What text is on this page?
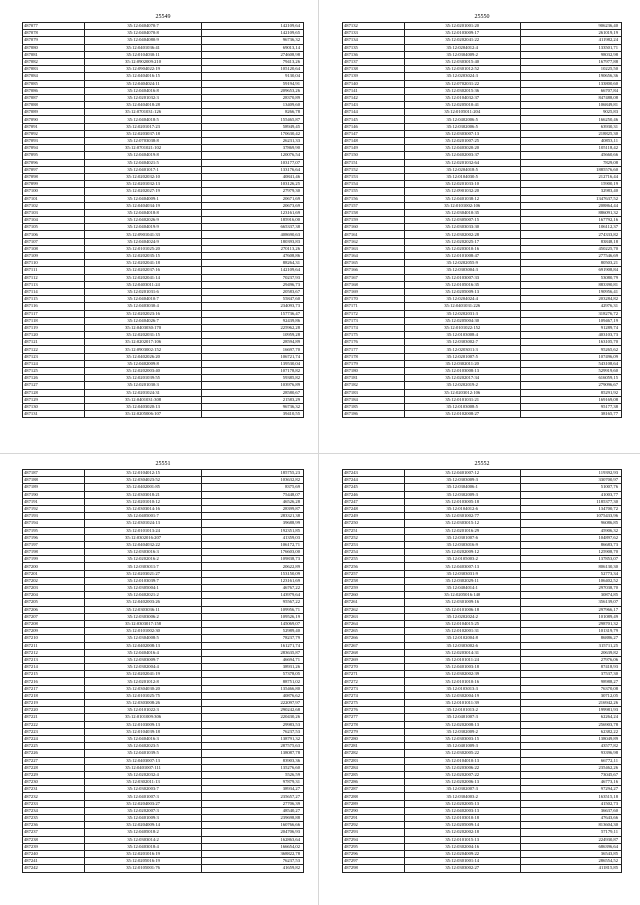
25549
487077	35:12:0404070:7	142109,64
487078	35:12:0404070:8	142109,65
487079	35:12:0404080:9	96736,32
487080	35:12:0401036:41	69013,14
487081	35:12:0104030:11	274608,98
487082	35:12:0902009:210	79413,26
487083	35:12:0904022:19	105120,64
487084	35:12:0404016:15	9130,04
487085	35:12:0404024:11	59194,91
487086	35:12:0404016:8	209653,26
487087	35:12:0201032:3	28370,89
487088	35:12:0404018:28	13409,60
487089	35:12:0701031:126	8266,78
487090	35:12:0404018:5	155465,87
487091	35:12:0201017:23	58949,45
487092	35:12:0203037:18	170630,42
487093	35:12:0703038:8	26231,33
487094	35:12:0701021:102	37869,90
487095	35:12:0404019:8	120076,54
487096	35:12:0404021:5	103177,07
487097	35:12:0401017:1	133176,64
487098	35:12:0202032:10	40841,46
487099	35:12:0201032:13	103126,25
487100	35:12:0202027:19	27979,30
487101	35:12:0404009:1	20671,69
487102	35:12:0404034:19	20673,69
487103	35:12:0404018:8	123161,69
487104	35:12:0402026:9	185916,00
487105	35:12:0404019:9	665337,38
487106	35:12:0901041:33	408690,63
487107	35:12:0404024:9	180393,83
487108	35:12:0101025:20	270113,26
487109	35:12:0202035:15	47608,86
487110	35:12:0202041:18	88264,31
487111	35:12:0202037:16	142109,64
487112	35:12:0202041:14	70237,93
487113	35:12:0403011:24	29496,73
487114	35:12:0201031:6	20583,67
487115	35:12:0404010:7	55847,60
487116	35:12:0403030:4	234093,73
487117	35:12:0202023:16	157736,47
487118	35:12:0404026:7	92439,86
487119	35:12:0403030:170	225962,28
487120	35:12:0202031:15	10959,28
487121	35:12:0202017:106	28594,89
487122	35:12:0903002:152	16697,70
487123	35:12:0402026:20	106721,74
487124	35:12:0402009:8	139530,04
487125	35:12:0202003:40	107178,82
487126	35:12:0201039:55	59385,82
487127	35:12:0201030:3	103976,89
487128	35:12:0201024:31	28580,67
487129	35:12:0401031:308	21583,29
487130	35:12:0403020:13	96736,32
487131	35:12:0205006:107	39410,55
25550
487132	35:12:0201001:20	906236,40
487133	35:12:0103009:17	261019,19
487134	35:12:0202041:22	411982,24
487135	35:12:0204012:4	133501,71
487136	35:12:0304009:2	98032,98
487137	35:12:0303015:40	167977,88
487138	35:12:0301012:52	10225,50
487139	35:12:0203024:3	190656,36
487140	35:12:0702031:22	133800,60
487141	35:12:0302015:36	66707,84
487142	35:12:0104032:37	847488,08
487143	35:12:0205010:41	106849,81
487144	35:12:0105011:204	9025,83
487145	35:12:0402006:5	166250,46
487146	35:12:0302006:5	63930,31
487147	35:12:0303007:13	218825,30
487148	35:12:0201007:25	40853,11
487149	35:12:0403020:20	105118,42
487150	35:12:0402003:37	45660,66
487151	35:12:0201032:64	7829,08
487152	35:12:0204018:5	1885576,60
487153	35:12:0104030:5	212716,44
487154	35:12:0201033:10	15900,19
487155	35:12:0901032:20	32983,40
487156	35:12:0401038:12	1347637,52
487157	35:12:0101002:106	208864,44
487158	35:12:0304010:35	886091,32
487159	35:12:0305007:15	167792,16
487160	35:12:0303033:30	106112,37
487161	35:12:0302002:28	274333,82
487162	35:12:0202025:17	83848,18
487163	35:12:0203010:16	450225,70
487164	35:12:0101008:47	277546,69
487165	35:12:0202055:9	80503,21
487166	35:12:0303004:3	691908,84
487167	35:12:0103007:33	53080,79
487168	35:12:0105016:35	883390,81
487169	35:12:0205009:13	190956,41
487170	35:12:0204024:4	203284,82
487171	35:12:0401031:226	42976,31
487172	35:12:0202031:3	318276,72
487173	35:12:0205004:30	109467,19
487174	35:12:0101022:152	91289,74
487175	35:12:0103008:4	403103,73
487176	35:12:0303002:7	163105,70
487177	35:12:0203011:3	95265,62
487178	35:12:0201007:5	107496,09
487179	35:12:0302011:20	543108,64
487180	35:12:0103008:13	529919,60
487181	35:12:0202017:34	616059,15
487182	35:12:0202019:2	279096,67
487183	35:12:0203012:106	85291,92
487184	35:12:0101031:21	169169,08
487185	35:12:0103008:5	95177,38
487186	35:12:0102008:27	38165,77
25551
487187	35:12:0104012:15	185755,23
487188	35:12:0304023:52	103632,82
487189	35:12:0402001:85	8375,69
487190	35:12:0303018:21	75448,07
487191	35:12:0201010:12	46526,28
487192	35:12:0303014:16	28399,87
487193	35:12:0405001:7	283321,38
487194	35:12:0301024:13	39688,99
487195	35:12:0101013:24	192351,85
487196	35:12:0302016:207	41359,03
487197	35:12:0404032:22	106172,71
487198	35:12:0303016:3	176603,00
487199	35:12:0202016:2	109838,73
487200	35:12:0303011:7	20622,89
487201	35:12:0203021:27	153150,09
487202	35:12:0103039:7	123161,69
487203	35:12:0305004:1	46767,22
487204	35:12:0402021:2	143979,64
487205	35:12:0402003:26	95567,22
487206	35:12:0303036:11	109956,71
487207	35:12:0303006:2	109526,19
487208	35:12:0303017:158	145069,07
487209	35:12:0101002:30	52989,40
487210	35:12:0304008:5	78237,79
487211	35:12:0402008:13	161271,74
487212	35:12:0404016:4	283635,87
487213	35:12:0303009:7	46694,71
487214	35:12:0302004:4	38931,26
487215	35:12:0202041:19	57378,05
487216	35:12:0201012:8	88751,02
487217	35:12:0304030:20	135466,80
487218	35:12:0101025:75	40876,62
487219	35:12:0303008:26	222097,97
487220	35:12:0101022:3	290242,68
487221	35:12:0101009:306	220430,26
487222	35:12:0103009:13	29983,53
487223	35:12:0104039:18	76237,53
487224	35:12:0404016:3	138791,32
487225	35:12:0402023:5	287575,63
487226	35:12:0401039:5	138087,78
487227	35:12:0403007:13	83903,36
487228	35:12:0401007:111	135276,60
487229	35:12:0202032:4	5526,59
487230	35:12:0302011:13	97879,31
487231	35:12:0302003:7	38934,27
487232	35:12:0401007:3	235657,27
487233	35:12:0204003:27	27706,39
487234	35:12:0202007:3	48540,27
487235	35:12:0401009:3	239698,88
487236	35:12:0204009:14	160766,66
487237	35:12:0405018:2	204706,93
487238	35:12:0303014:2	162863,64
487239	35:12:0403018:4	166654,02
487240	35:12:0201016:19	368822,78
487241	35:12:0205016:19	76237,53
487242	35:12:0105001:76	41659,82
25552
487243	35:12:0401007:12	119392,93
487244	35:12:0303009:3	330700,97
487245	35:12:0304006:1	51007,76
487246	35:12:0302009:3	41003,77
487247	35:12:0103005:18	1185377,30
487248	35:12:0104012:6	134700,72
487249	35:12:0301002:77	1075433,96
487250	35:12:0303015:12	96086,85
487251	35:12:0201016:29	45906,32
487252	35:12:0301007:6	104897,62
487253	35:12:0303016:9	86683,73
487254	35:12:0202009:12	125908,70
487255	35:12:0105003:2	137853,07
487256	35:12:0403007:13	806130,30
487257	35:12:0303031:9	52773,34
487258	35:12:0302029:11	106402,52
487259	35:12:0404014:1	297038,70
487260	35:12:0205016:140	30874,85
487261	35:12:0301009:16	356139,07
487262	35:12:0101006:18	297966,17
487263	35:12:0202024:2	101089,49
487264	35:12:0104015:25	298701,32
487265	35:12:0102001:31	101319,79
487266	35:12:0102004:8	86886,27
487267	35:12:0303002:6	315711,25
487268	35:12:0203014:31	20639,82
487269	35:12:0101011:24	27976,06
487270	35:12:0401003:18	87418,93
487271	35:12:0302002:39	37537,30
487272	35:12:0101010:16	98988,27
487273	35:12:0103013:3	76370,08
487274	35:12:0302004:19	30712,05
487275	35:12:0101011:39	216942,26
487276	35:12:0101013:2	199981,93
487277	35:12:0401007:3	62264,24
487278	35:12:0202008:13	256903,78
487279	35:12:0302009:2	62382,22
487280	35:12:0303003:15	138049,89
487281	35:12:0401009:3	43577,82
487282	35:12:0302005:22	93396,98
487283	35:12:0104010:13	66772,11
487284	35:12:0203006:22	235462,26
487285	35:12:0202007:22	73045,67
487286	35:12:0202006:13	46773,16
487287	35:12:0302007:3	97294,27
487288	35:12:0304003:2	163515,18
487289	35:12:0202005:13	41502,73
487290	35:12:0402003:13	36637,60
487291	35:12:0103010:18	47643,66
487292	35:12:0205009:14	813604,30
487293	35:12:0202002:18	57179,11
487294	35:12:0101015:13	224930,87
487295	35:12:0302004:16	686396,64
487296	35:12:0204009:22	36543,85
487297	35:12:0301001:14	286554,52
487298	35:12:0303002:27	411815,85
